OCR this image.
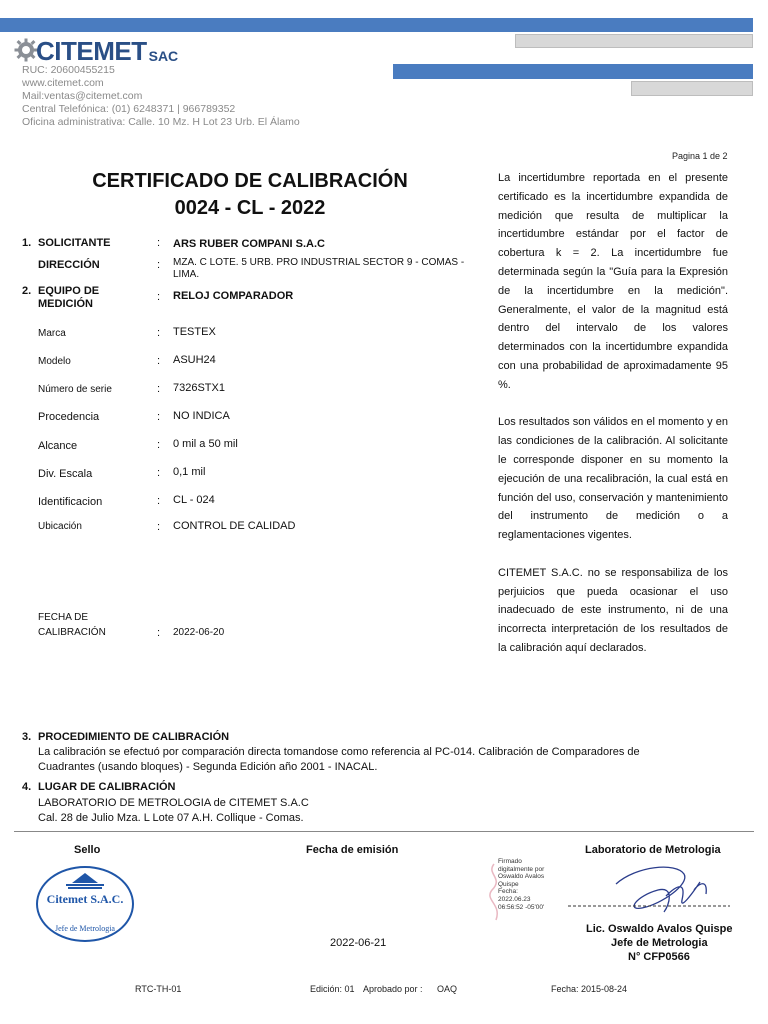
CITEMET SAC
RUC: 20600455215
www.citemet.com
Mail:ventas@citemet.com
Central Telefónica: (01) 6248371 | 966789352
Oficina administrativa: Calle. 10 Mz. H Lot 23 Urb. El Álamo
Pagina 1 de 2
CERTIFICADO DE CALIBRACIÓN
0024 - CL - 2022
1. SOLICITANTE	: ARS RUBER COMPANI S.A.C
DIRECCIÓN	: MZA. C LOTE. 5 URB. PRO INDUSTRIAL SECTOR 9 - COMAS - LIMA.
2. EQUIPO DE MEDICIÓN
: RELOJ COMPARADOR
Marca	: TESTEX
Modelo	: ASUH24
Número de serie	: 7326STX1
Procedencia	: NO INDICA
Alcance	: 0 mil a 50 mil
Div. Escala	: 0,1 mil
Identificacion	: CL - 024
Ubicación	: CONTROL DE CALIDAD
FECHA DE
CALIBRACIÓN	: 2022-06-20

La incertidumbre reportada en el presente certificado es la incertidumbre expandida de medición que resulta de multiplicar la incertidumbre estándar por el factor de cobertura k = 2. La incertidumbre fue determinada según la "Guía para la Expresión de la incertidumbre en la medición". Generalmente, el valor de la magnitud está dentro del intervalo de los valores determinados con la incertidumbre expandida con una probabilidad de aproximadamente 95 %.

Los resultados son válidos en el momento y en las condiciones de la calibración. Al solicitante le corresponde disponer en su momento la ejecución de una recalibración, la cual está en función del uso, conservación y mantenimiento del instrumento de medición o a reglamentaciones vigentes.

CITEMET S.A.C. no se responsabiliza de los perjuicios que pueda ocasionar el uso inadecuado de este instrumento, ni de una incorrecta interpretación de los resultados de la calibración aquí declarados.

3. PROCEDIMIENTO DE CALIBRACIÓN
La calibración se efectuó por comparación directa tomandose como referencia al PC-014. Calibración de Comparadores de
Cuadrantes (usando bloques) - Segunda Edición año 2001 - INACAL.
4. LUGAR DE CALIBRACIÓN
LABORATORIO DE METROLOGIA de CITEMET S.A.C
Cal. 28 de Julio Mza. L Lote 07 A.H. Collique - Comas.
Sello	Fecha de emisión	Laboratorio de Metrologia
Citemet S.A.C.
Jefe de Metrologia
2022-06-21
Firmado
digitalmente por
Oswaldo Avalos
Quispe
Fecha:
2022.06.23
06:56:52 -05'00'
Lic. Oswaldo Avalos Quispe
Jefe de Metrologia
N° CFP0566
RTC-TH-01	Edición: 01 Aprobado por : OAQ	Fecha: 2015-08-24
